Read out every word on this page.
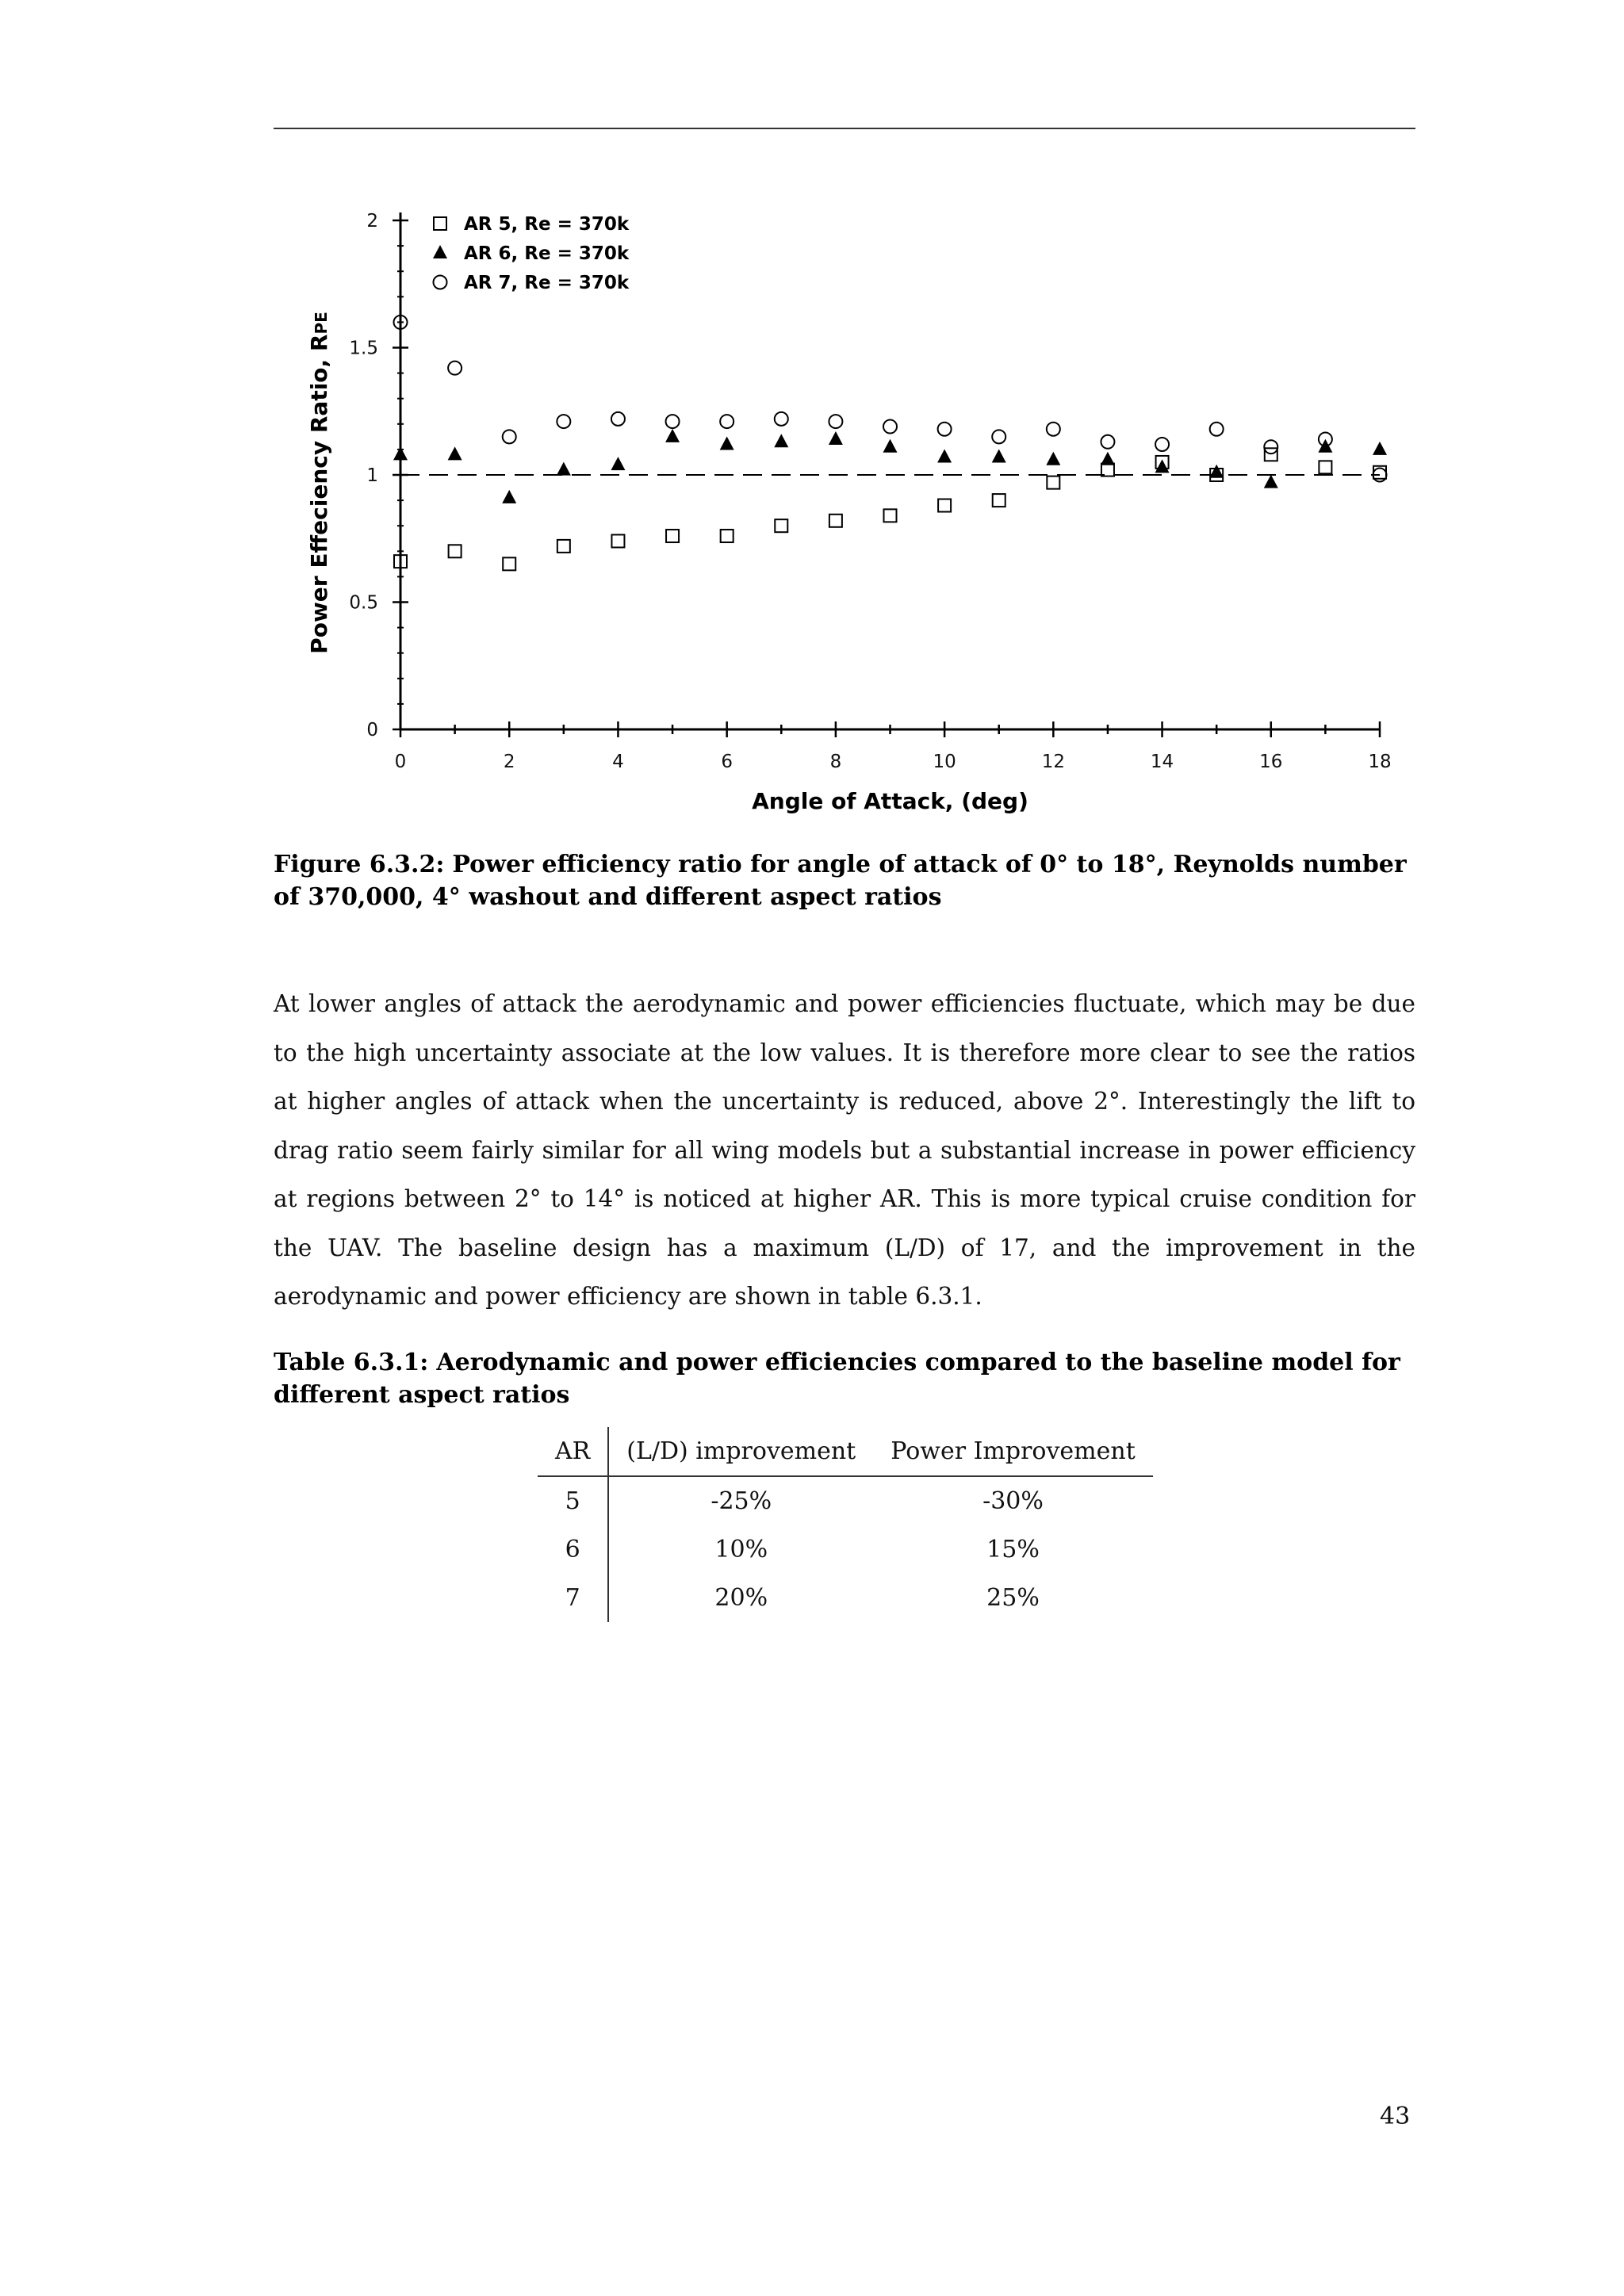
0
0.5
1
1.5
2
0	2	4	6	8	10	12	14	16	18
Angle of Attack, (deg)
Power Effeciency Ratio, RPE
AR 5, Re = 370k
AR 6, Re = 370k
AR 7, Re = 370k
Figure 6.3.2: Power efficiency ratio for angle of attack of 0° to 18°, Reynolds number of 370,000, 4° washout and different aspect ratios

At lower angles of attack the aerodynamic and power efficiencies fluctuate, which may be due to the high uncertainty associate at the low values. It is therefore more clear to see the ratios at higher angles of attack when the uncertainty is reduced, above 2°. Interestingly the lift to drag ratio seem fairly similar for all wing models but a substantial increase in power efficiency at regions between 2° to 14° is noticed at higher AR. This is more typical cruise condition for the UAV. The baseline design has a maximum (L/D) of 17, and the improvement in the aerodynamic and power efficiency are shown in table 6.3.1.

Table 6.3.1: Aerodynamic and power efficiencies compared to the baseline model for different aspect ratios
AR	(L/D) improvement	Power Improvement
5	-25%	-30%
6	10%	15%
7	20%	25%
43
